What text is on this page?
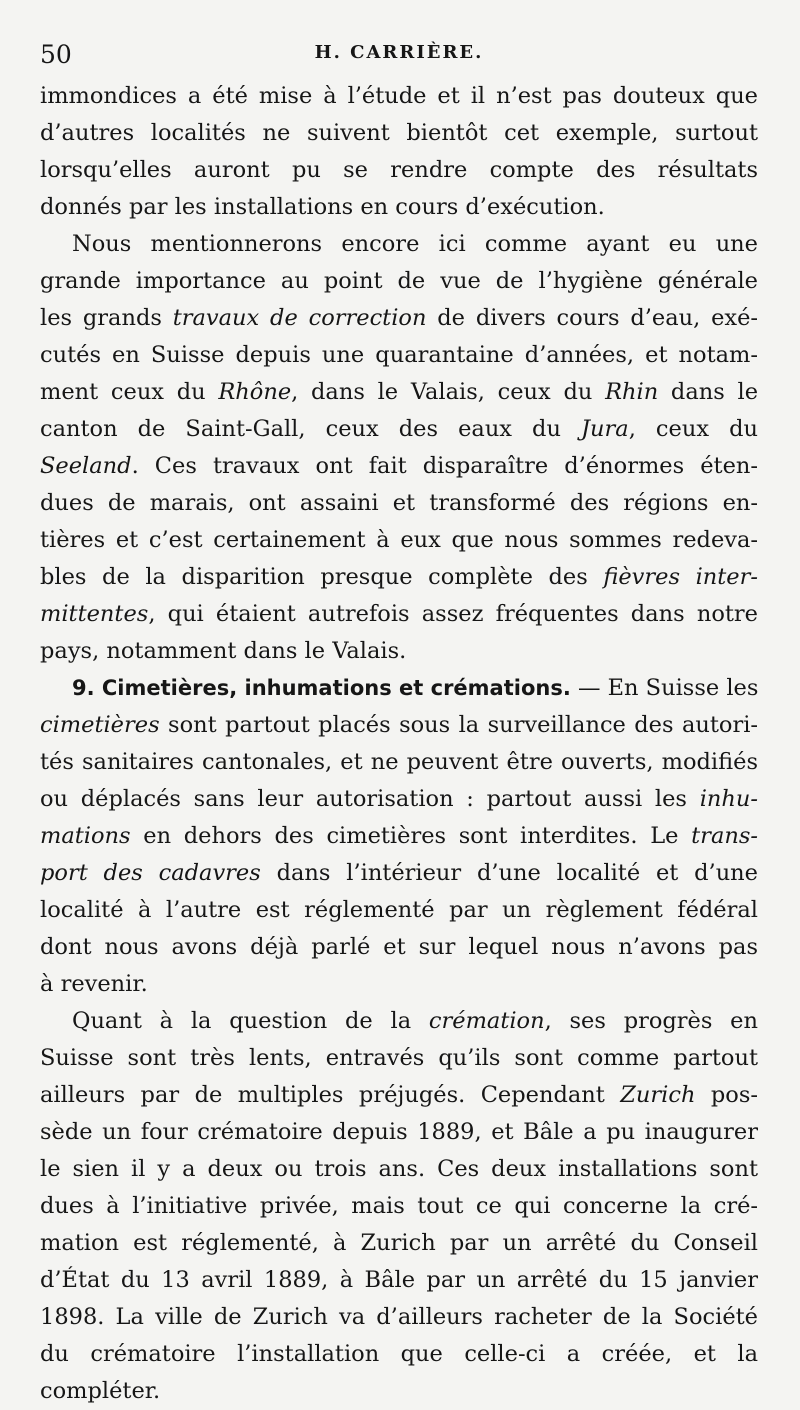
50	H. CARRIÈRE.
immondices a été mise à l’étude et il n’est pas douteux que
d’autres localités ne suivent bientôt cet exemple, surtout
lorsqu’elles auront pu se rendre compte des résultats
donnés par les installations en cours d’exécution.
Nous mentionnerons encore ici comme ayant eu une
grande importance au point de vue de l’hygiène générale
les grands travaux de correction de divers cours d’eau, exé-
cutés en Suisse depuis une quarantaine d’années, et notam-
ment ceux du Rhône, dans le Valais, ceux du Rhin dans le
canton de Saint-Gall, ceux des eaux du Jura, ceux du
Seeland. Ces travaux ont fait disparaître d’énormes éten-
dues de marais, ont assaini et transformé des régions en-
tières et c’est certainement à eux que nous sommes redeva-
bles de la disparition presque complète des fièvres inter-
mittentes, qui étaient autrefois assez fréquentes dans notre
pays, notamment dans le Valais.
9. Cimetières, inhumations et crémations. — En Suisse les
cimetières sont partout placés sous la surveillance des autori-
tés sanitaires cantonales, et ne peuvent être ouverts, modifiés
ou déplacés sans leur autorisation : partout aussi les inhu-
mations en dehors des cimetières sont interdites. Le trans-
port des cadavres dans l’intérieur d’une localité et d’une
localité à l’autre est réglementé par un règlement fédéral
dont nous avons déjà parlé et sur lequel nous n’avons pas
à revenir.
Quant à la question de la crémation, ses progrès en
Suisse sont très lents, entravés qu’ils sont comme partout
ailleurs par de multiples préjugés. Cependant Zurich pos-
sède un four crématoire depuis 1889, et Bâle a pu inaugurer
le sien il y a deux ou trois ans. Ces deux installations sont
dues à l’initiative privée, mais tout ce qui concerne la cré-
mation est réglementé, à Zurich par un arrêté du Conseil
d’État du 13 avril 1889, à Bâle par un arrêté du 15 janvier
1898. La ville de Zurich va d’ailleurs racheter de la Société
du crématoire l’installation que celle-ci a créée, et la
compléter.
